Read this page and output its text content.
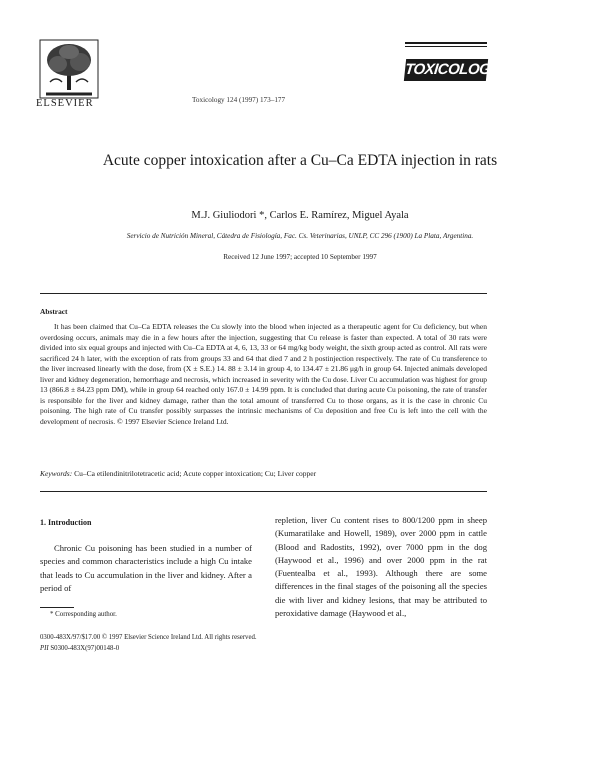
ELSEVIER	Toxicology 124 (1997) 173–177
TOXICOLOGY
Acute copper intoxication after a Cu–Ca EDTA injection in rats
M.J. Giuliodori *, Carlos E. Ramírez, Miguel Ayala
Servicio de Nutrición Mineral, Cátedra de Fisiología, Fac. Cs. Veterinarias, UNLP, CC 296 (1900) La Plata, Argentina.
Received 12 June 1997; accepted 10 September 1997
Abstract
It has been claimed that Cu–Ca EDTA releases the Cu slowly into the blood when injected as a therapeutic agent for Cu deficiency, but when overdosing occurs, animals may die in a few hours after the injection, suggesting that Cu release is faster than expected. A total of 30 rats were divided into six equal groups and injected with Cu–Ca EDTA at 4, 6, 13, 33 or 64 mg/kg body weight, the sixth group acted as control. All rats were sacrificed 24 h later, with the exception of rats from groups 33 and 64 that died 7 and 2 h postinjection respectively. The rate of Cu transference to the liver increased linearly with the dose, from (X ± S.E.) 14. 88 ± 3.14 in group 4, to 134.47 ± 21.86 μg/h in group 64. Injected animals developed liver and kidney degeneration, hemorrhage and necrosis, which increased in severity with the Cu dose. Liver Cu accumulation was highest for group 13 (866.8 ± 84.23 ppm DM), while in group 64 reached only 167.0 ± 14.99 ppm. It is concluded that during acute Cu poisoning, the rate of transfer is responsible for the liver and kidney damage, rather than the total amount of transferred Cu to those organs, as it is the case in chronic Cu poisoning. The high rate of Cu transfer possibly surpasses the intrinsic mechanisms of Cu deposition and free Cu is left into the cell with the development of necrosis. © 1997 Elsevier Science Ireland Ltd.
Keywords: Cu–Ca etilendinitrilotetracetic acid; Acute copper intoxication; Cu; Liver copper
1. Introduction
Chronic Cu poisoning has been studied in a number of species and common characteristics include a high Cu intake that leads to Cu accumulation in the liver and kidney. After a period of
repletion, liver Cu content rises to 800/1200 ppm in sheep (Kumaratilake and Howell, 1989), over 2000 ppm in cattle (Blood and Radostits, 1992), over 7000 ppm in the dog (Haywood et al., 1996) and over 2000 ppm in the rat (Fuentealba et al., 1993). Although there are some differences in the final stages of the poisoning all the species die with liver and kidney lesions, that may be attributed to peroxidative damage (Haywood et al.,
* Corresponding author.
0300-483X/97/$17.00 © 1997 Elsevier Science Ireland Ltd. All rights reserved.
PII S0300-483X(97)00148-0
